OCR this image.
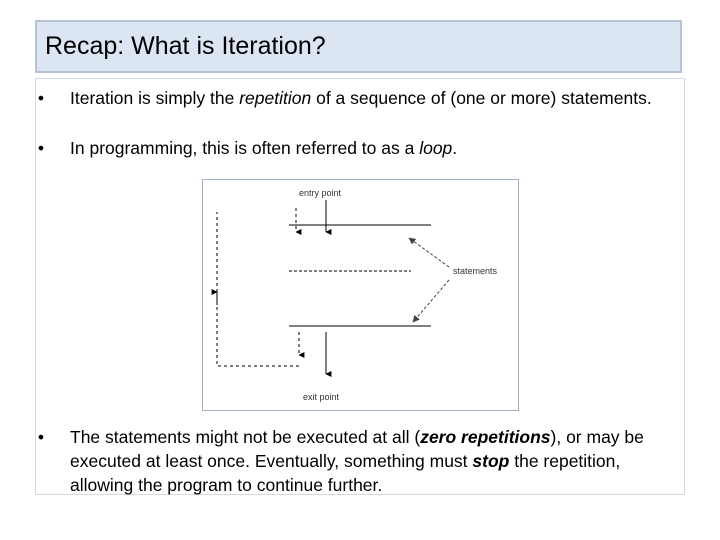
Recap: What is Iteration?
• Iteration is simply the repetition of a sequence of (one or more) statements.
• In programming, this is often referred to as a loop.
• The statements might not be executed at all (zero repetitions), or may be executed at least once. Eventually, something must stop the repetition, allowing the program to continue further.
entry point
exit point
statements
